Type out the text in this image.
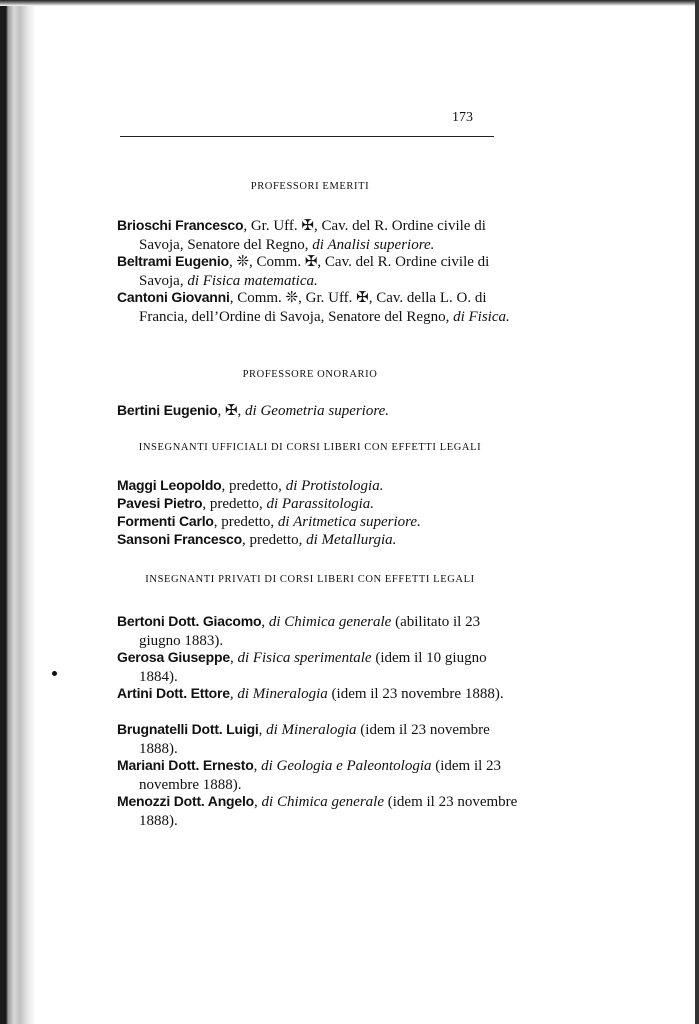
173
PROFESSORI EMERITI
Brioschi Francesco, Gr. Uff. ✠, Cav. del R. Ordine civile di Savoja, Senatore del Regno, di Analisi superiore.
Beltrami Eugenio, ❊, Comm. ✠, Cav. del R. Ordine civile di Savoja, di Fisica matematica.
Cantoni Giovanni, Comm. ❊, Gr. Uff. ✠, Cav. della L. O. di Francia, dell’Ordine di Savoja, Senatore del Regno, di Fisica.
PROFESSORE ONORARIO
Bertini Eugenio, ✠, di Geometria superiore.
INSEGNANTI UFFICIALI DI CORSI LIBERI CON EFFETTI LEGALI
Maggi Leopoldo, predetto, di Protistologia.
Pavesi Pietro, predetto, di Parassitologia.
Formenti Carlo, predetto, di Aritmetica superiore.
Sansoni Francesco, predetto, di Metallurgia.
INSEGNANTI PRIVATI DI CORSI LIBERI CON EFFETTI LEGALI
Bertoni Dott. Giacomo, di Chimica generale (abilitato il 23 giugno 1883).
Gerosa Giuseppe, di Fisica sperimentale (idem il 10 giugno 1884).
Artini Dott. Ettore, di Mineralogia (idem il 23 novembre 1888).
Brugnatelli Dott. Luigi, di Mineralogia (idem il 23 novembre 1888).
Mariani Dott. Ernesto, di Geologia e Paleontologia (idem il 23 novembre 1888).
Menozzi Dott. Angelo, di Chimica generale (idem il 23 novembre 1888).
